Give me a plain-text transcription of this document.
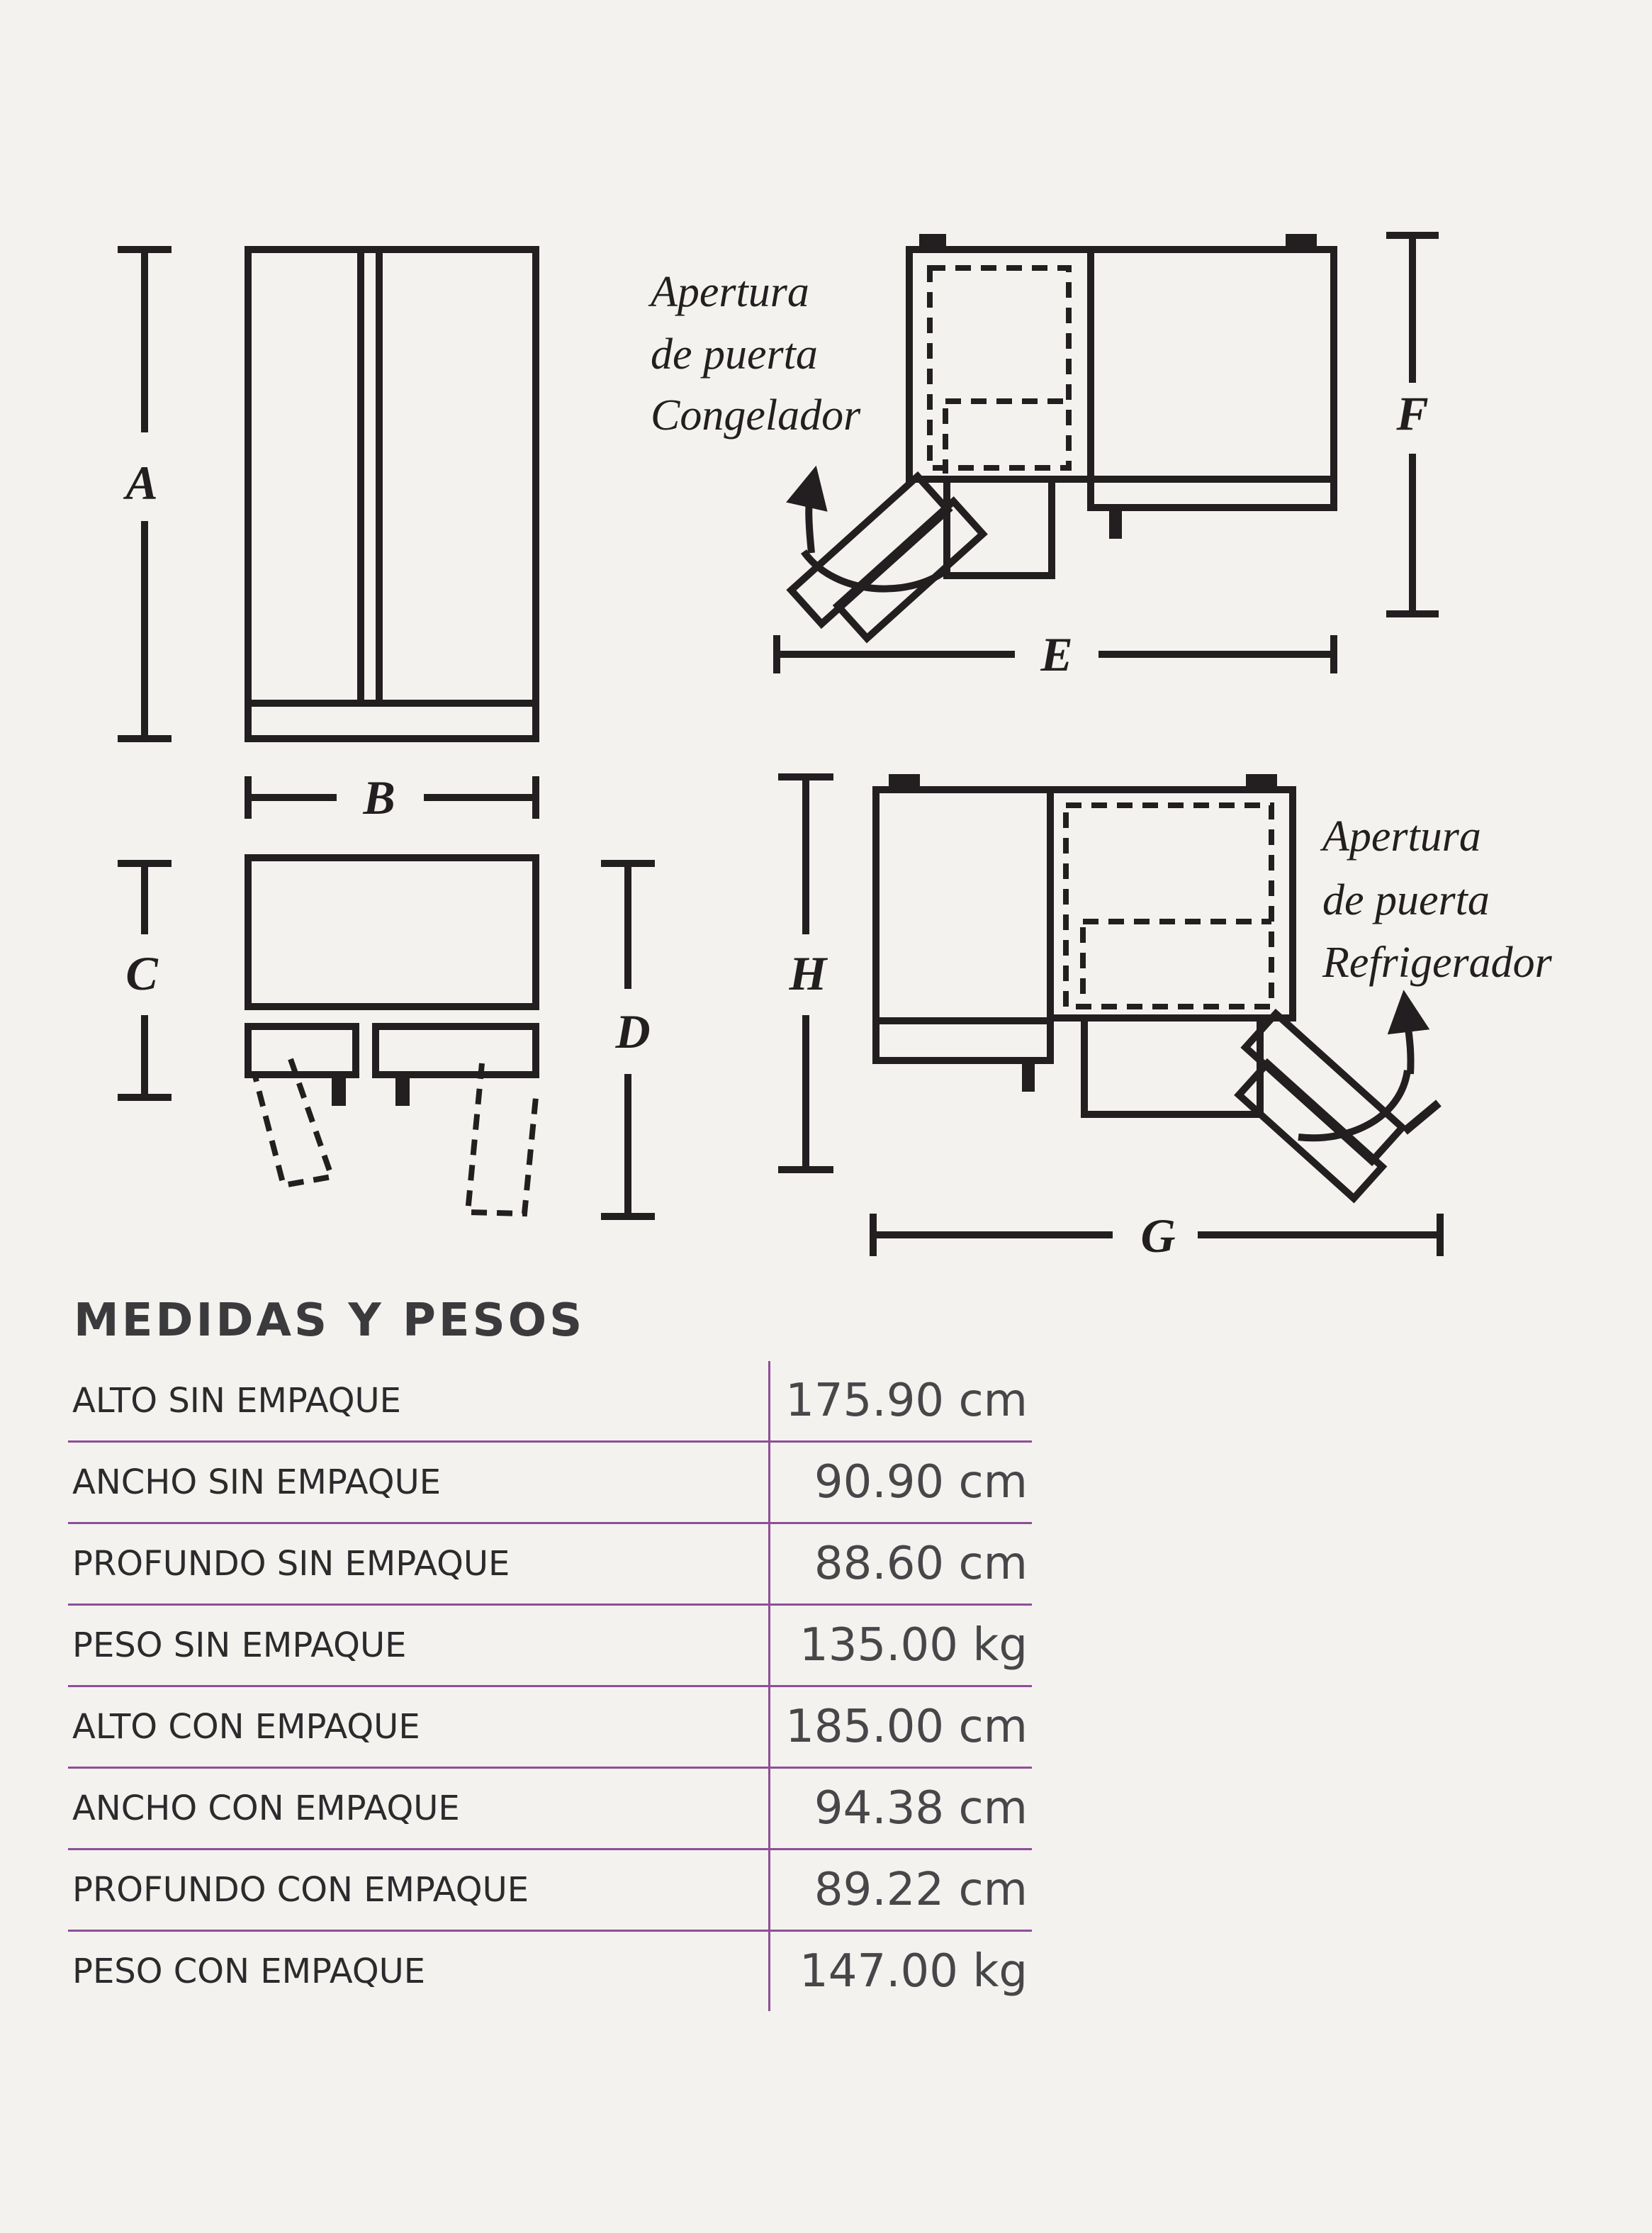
A
B
C
D
E
F
G
H
Apertura
de puerta
Congelador
Apertura
de puerta
Refrigerador
MEDIDAS Y PESOS
ALTO SIN EMPAQUE	175.90 cm
ANCHO SIN EMPAQUE	90.90 cm
PROFUNDO SIN EMPAQUE	88.60 cm
PESO SIN EMPAQUE	135.00 kg
ALTO CON EMPAQUE	185.00 cm
ANCHO CON EMPAQUE	94.38 cm
PROFUNDO CON EMPAQUE	89.22 cm
PESO CON EMPAQUE	147.00 kg
